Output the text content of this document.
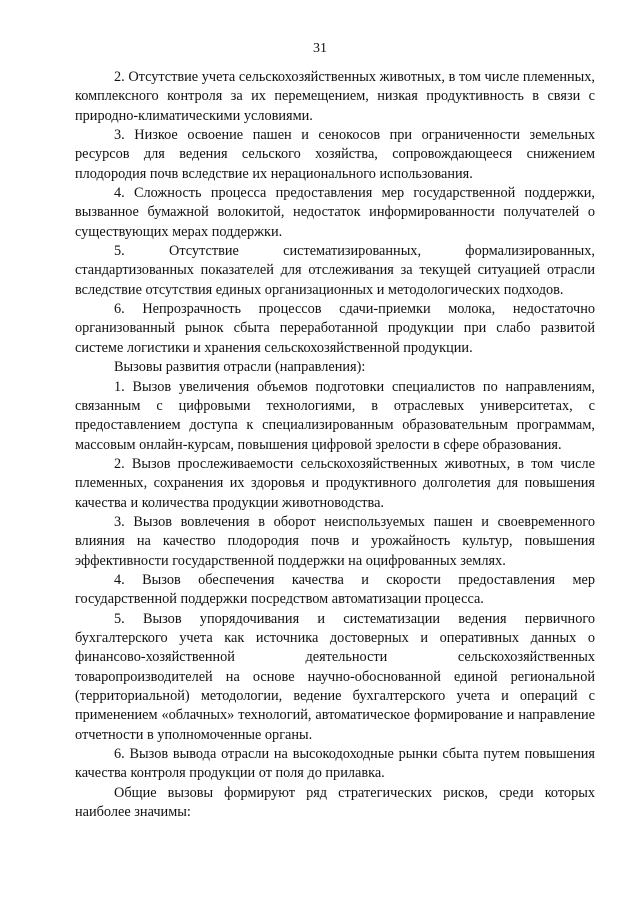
31

2. Отсутствие учета сельскохозяйственных животных, в том числе племенных, комплексного контроля за их перемещением, низкая продуктивность в связи с природно-климатическими условиями.

3. Низкое освоение пашен и сенокосов при ограниченности земельных ресурсов для ведения сельского хозяйства, сопровождающееся снижением плодородия почв вследствие их нерационального использования.

4. Сложность процесса предоставления мер государственной поддержки, вызванное бумажной волокитой, недостаток информированности получателей о существующих мерах поддержки.

5. Отсутствие систематизированных, формализированных, стандартизованных показателей для отслеживания за текущей ситуацией отрасли вследствие отсутствия единых организационных и методологических подходов.

6. Непрозрачность процессов сдачи-приемки молока, недостаточно организованный рынок сбыта переработанной продукции при слабо развитой системе логистики и хранения сельскохозяйственной продукции.

Вызовы развития отрасли (направления):

1. Вызов увеличения объемов подготовки специалистов по направлениям, связанным с цифровыми технологиями, в отраслевых университетах, с предоставлением доступа к специализированным образовательным программам, массовым онлайн-курсам, повышения цифровой зрелости в сфере образования.

2. Вызов прослеживаемости сельскохозяйственных животных, в том числе племенных, сохранения их здоровья и продуктивного долголетия для повышения качества и количества продукции животноводства.

3. Вызов вовлечения в оборот неиспользуемых пашен и своевременного влияния на качество плодородия почв и урожайность культур, повышения эффективности государственной поддержки на оцифрованных землях.

4. Вызов обеспечения качества и скорости предоставления мер государственной поддержки посредством автоматизации процесса.

5. Вызов упорядочивания и систематизации ведения первичного бухгалтерского учета как источника достоверных и оперативных данных о финансово-хозяйственной деятельности сельскохозяйственных товаропроизводителей на основе научно-обоснованной единой региональной (территориальной) методологии, ведение бухгалтерского учета и операций с применением «облачных» технологий, автоматическое формирование и направление отчетности в уполномоченные органы.

6. Вызов вывода отрасли на высокодоходные рынки сбыта путем повышения качества контроля продукции от поля до прилавка.

Общие вызовы формируют ряд стратегических рисков, среди которых наиболее значимы:
